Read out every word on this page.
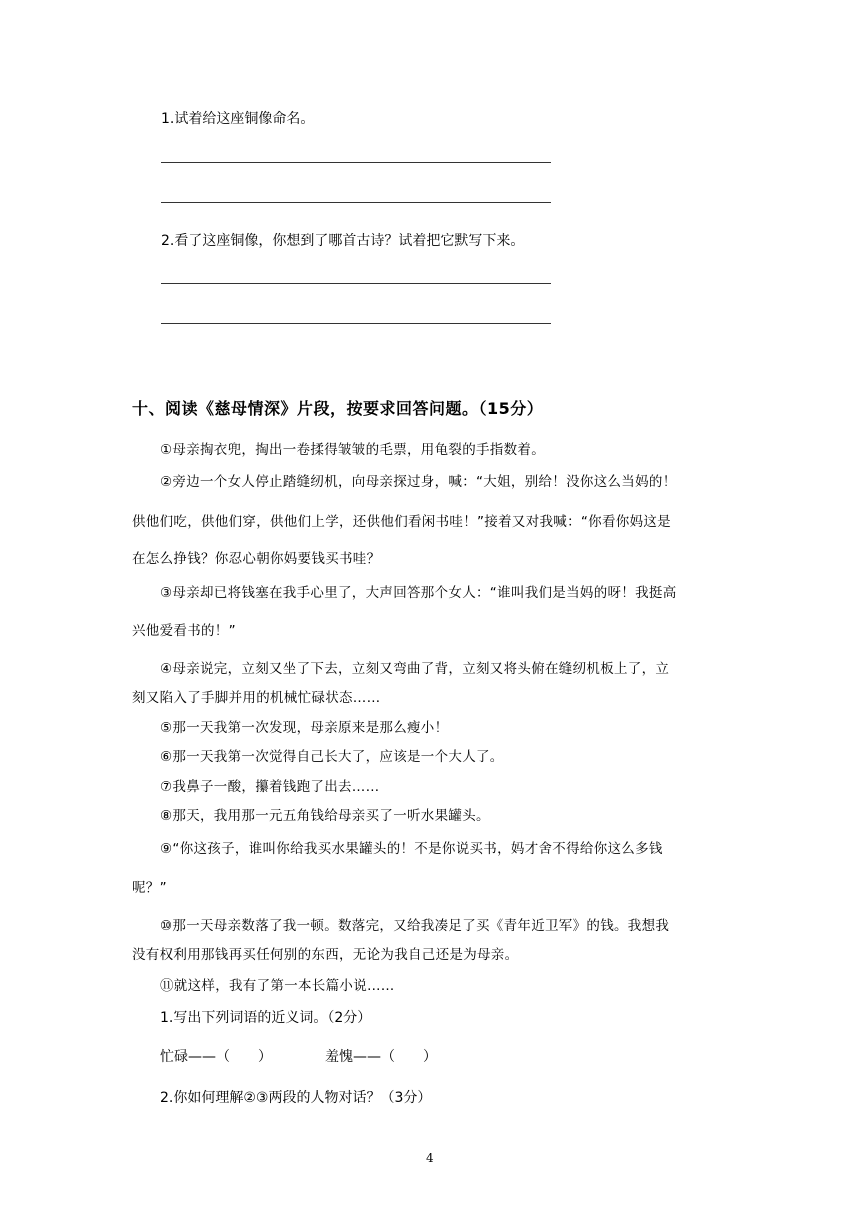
1.试着给这座铜像命名。
2.看了这座铜像，你想到了哪首古诗？试着把它默写下来。
十、阅读《慈母情深》片段，按要求回答问题。（15分）
①母亲掏衣兜，掏出一卷揉得皱皱的毛票，用龟裂的手指数着。
②旁边一个女人停止踏缝纫机，向母亲探过身，喊：“大姐，别给！没你这么当妈的！
供他们吃，供他们穿，供他们上学，还供他们看闲书哇！”接着又对我喊：“你看你妈这是
在怎么挣钱？你忍心朝你妈要钱买书哇？
③母亲却已将钱塞在我手心里了，大声回答那个女人：“谁叫我们是当妈的呀！我挺高
兴他爱看书的！”
④母亲说完，立刻又坐了下去，立刻又弯曲了背，立刻又将头俯在缝纫机板上了，立
刻又陷入了手脚并用的机械忙碌状态……
⑤那一天我第一次发现，母亲原来是那么瘦小！
⑥那一天我第一次觉得自己长大了，应该是一个大人了。
⑦我鼻子一酸，攥着钱跑了出去……
⑧那天，我用那一元五角钱给母亲买了一听水果罐头。
⑨“你这孩子，谁叫你给我买水果罐头的！不是你说买书，妈才舍不得给你这么多钱
呢？”
⑩那一天母亲数落了我一顿。数落完，又给我凑足了买《青年近卫军》的钱。我想我
没有权利用那钱再买任何别的东西，无论为我自己还是为母亲。
⑪就这样，我有了第一本长篇小说……
1.写出下列词语的近义词。（2分）
忙碌——（　　）	羞愧——（　　）
2.你如何理解②③两段的人物对话？（3分）
4
